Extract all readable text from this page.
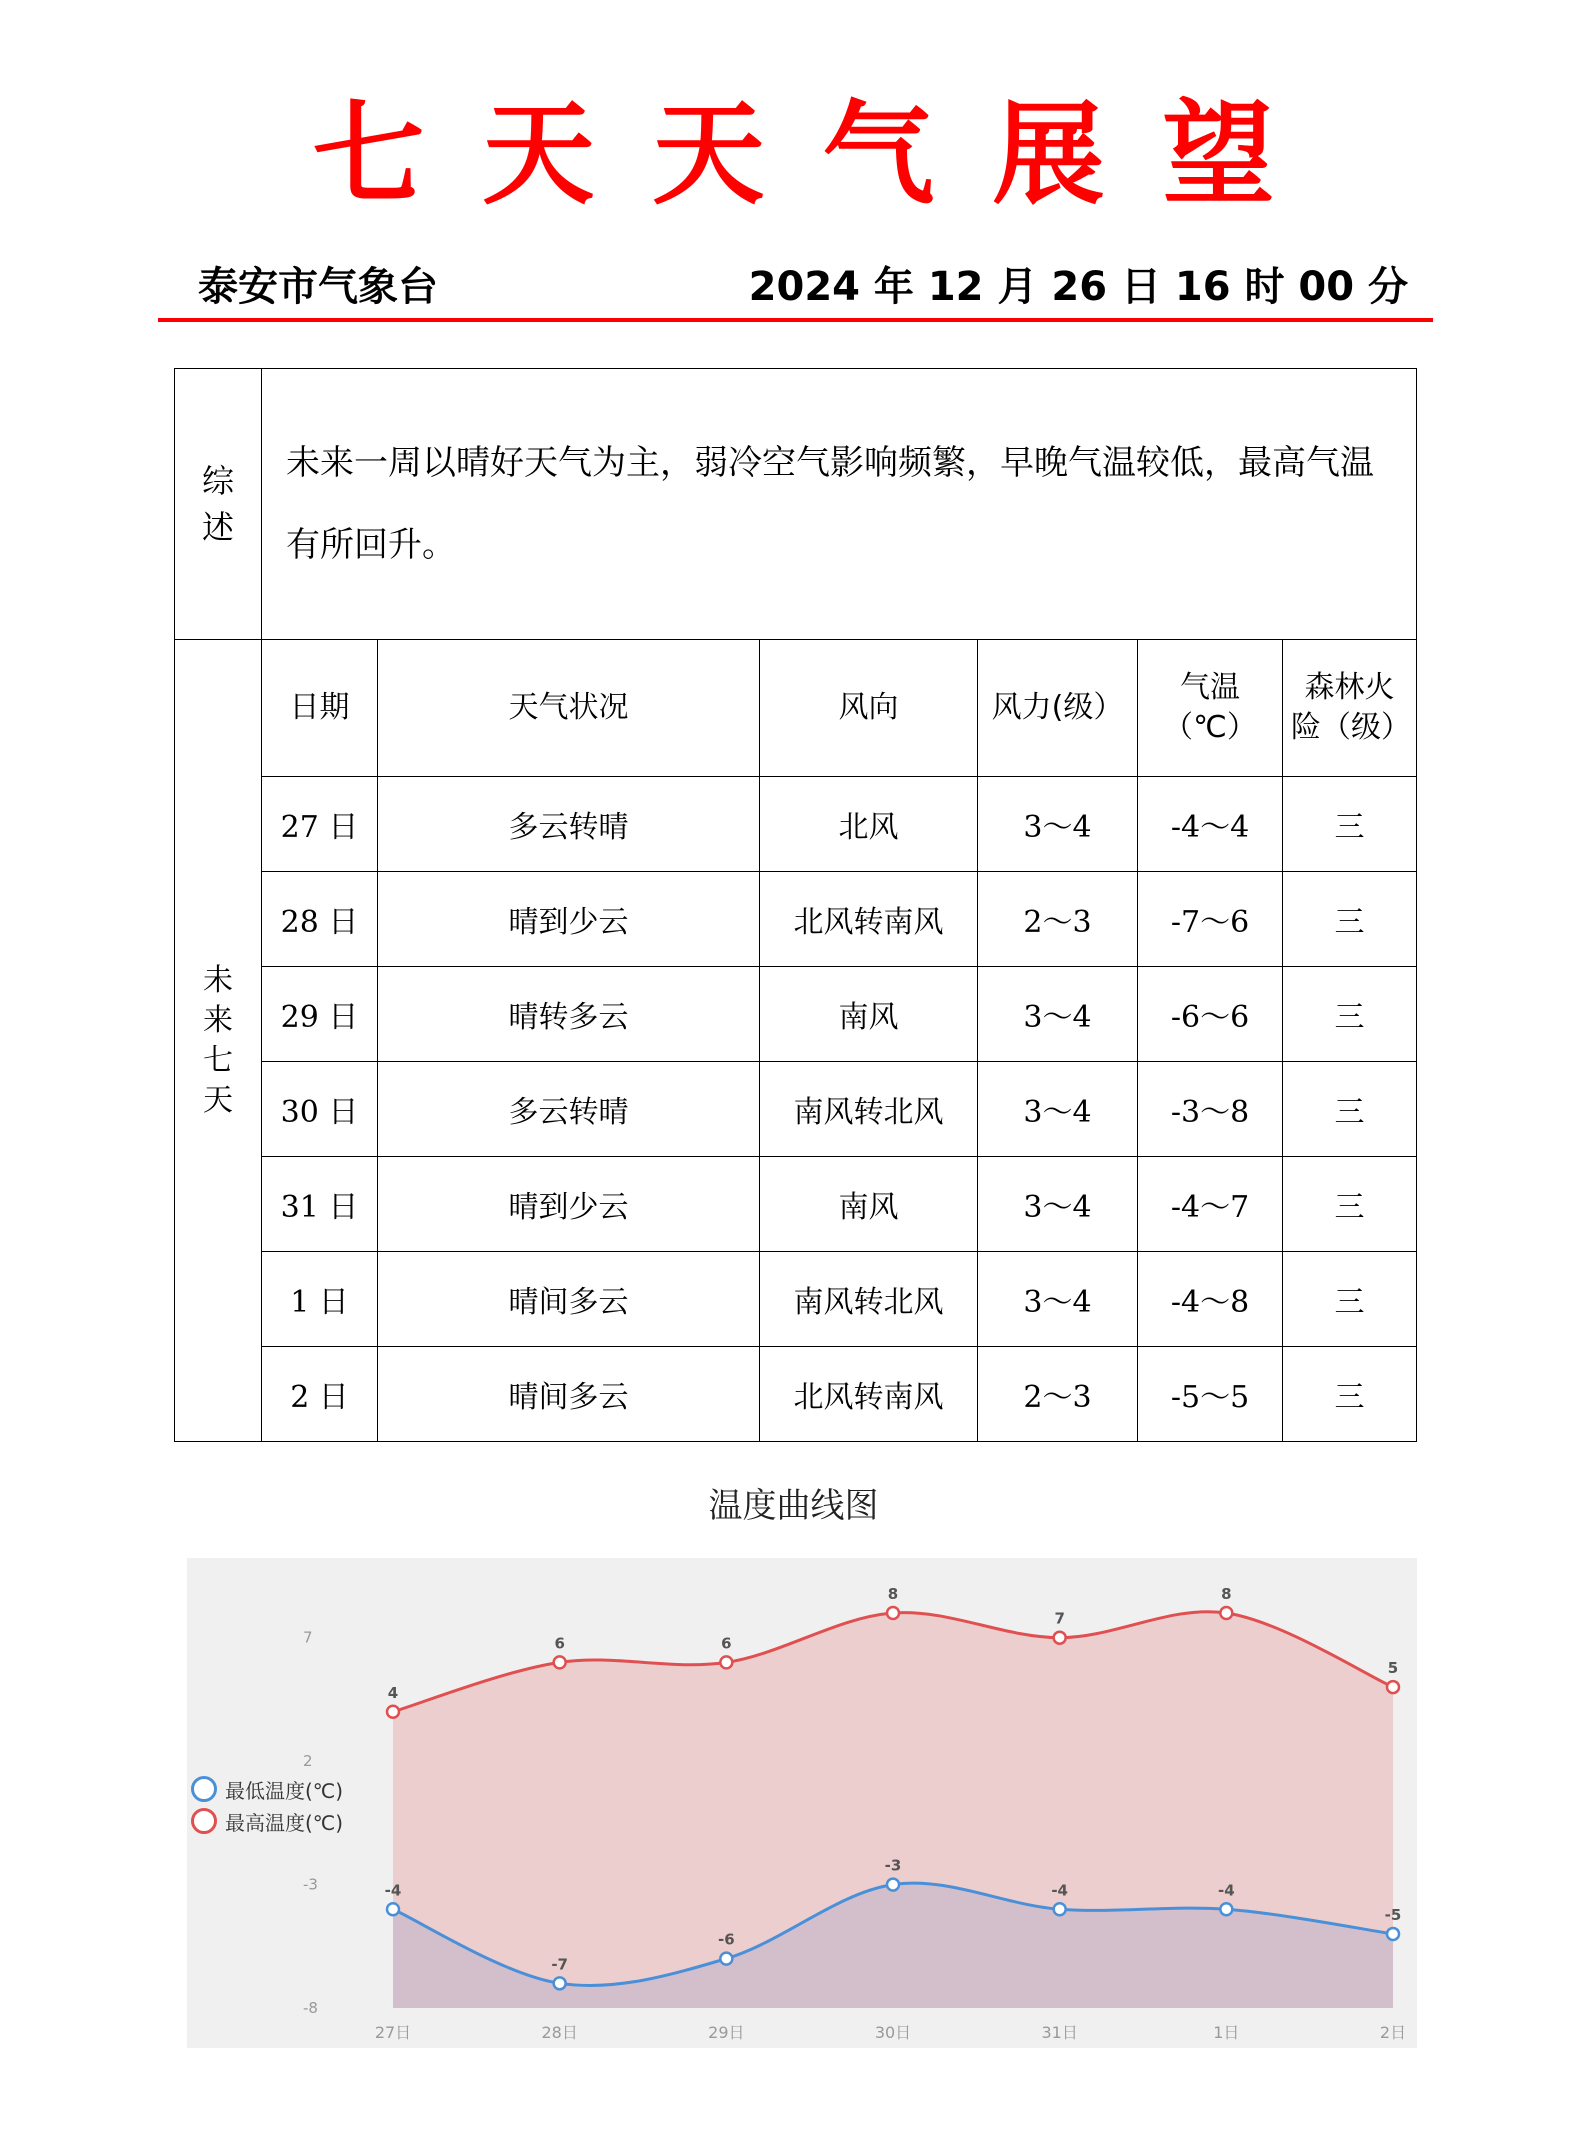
七天天气展望
泰安市气象台	2024 年 12 月 26 日 16 时 00 分
综述	未来一周以晴好天气为主，弱冷空气影响频繁，早晚气温较低，最高气温有所回升。					
未来七天	日期	天气状况	风向	风力(级）	气温（℃）	森林火险（级）
	27 日	多云转晴	北风	3～4	-4～4	三
	28 日	晴到少云	北风转南风	2～3	-7～6	三
	29 日	晴转多云	南风	3～4	-6～6	三
	30 日	多云转晴	南风转北风	3～4	-3～8	三
	31 日	晴到少云	南风	3～4	-4～7	三
	1 日	晴间多云	南风转北风	3～4	-4～8	三
	2 日	晴间多云	北风转南风	2～3	-5～5	三
温度曲线图
7
2
-3
-8
27日	28日	29日	30日	31日	1日	2日
4
6	6
8
7
8
5
-4
-7
-6
-3
-4	-4
-5
最低温度(℃)
最高温度(℃)
